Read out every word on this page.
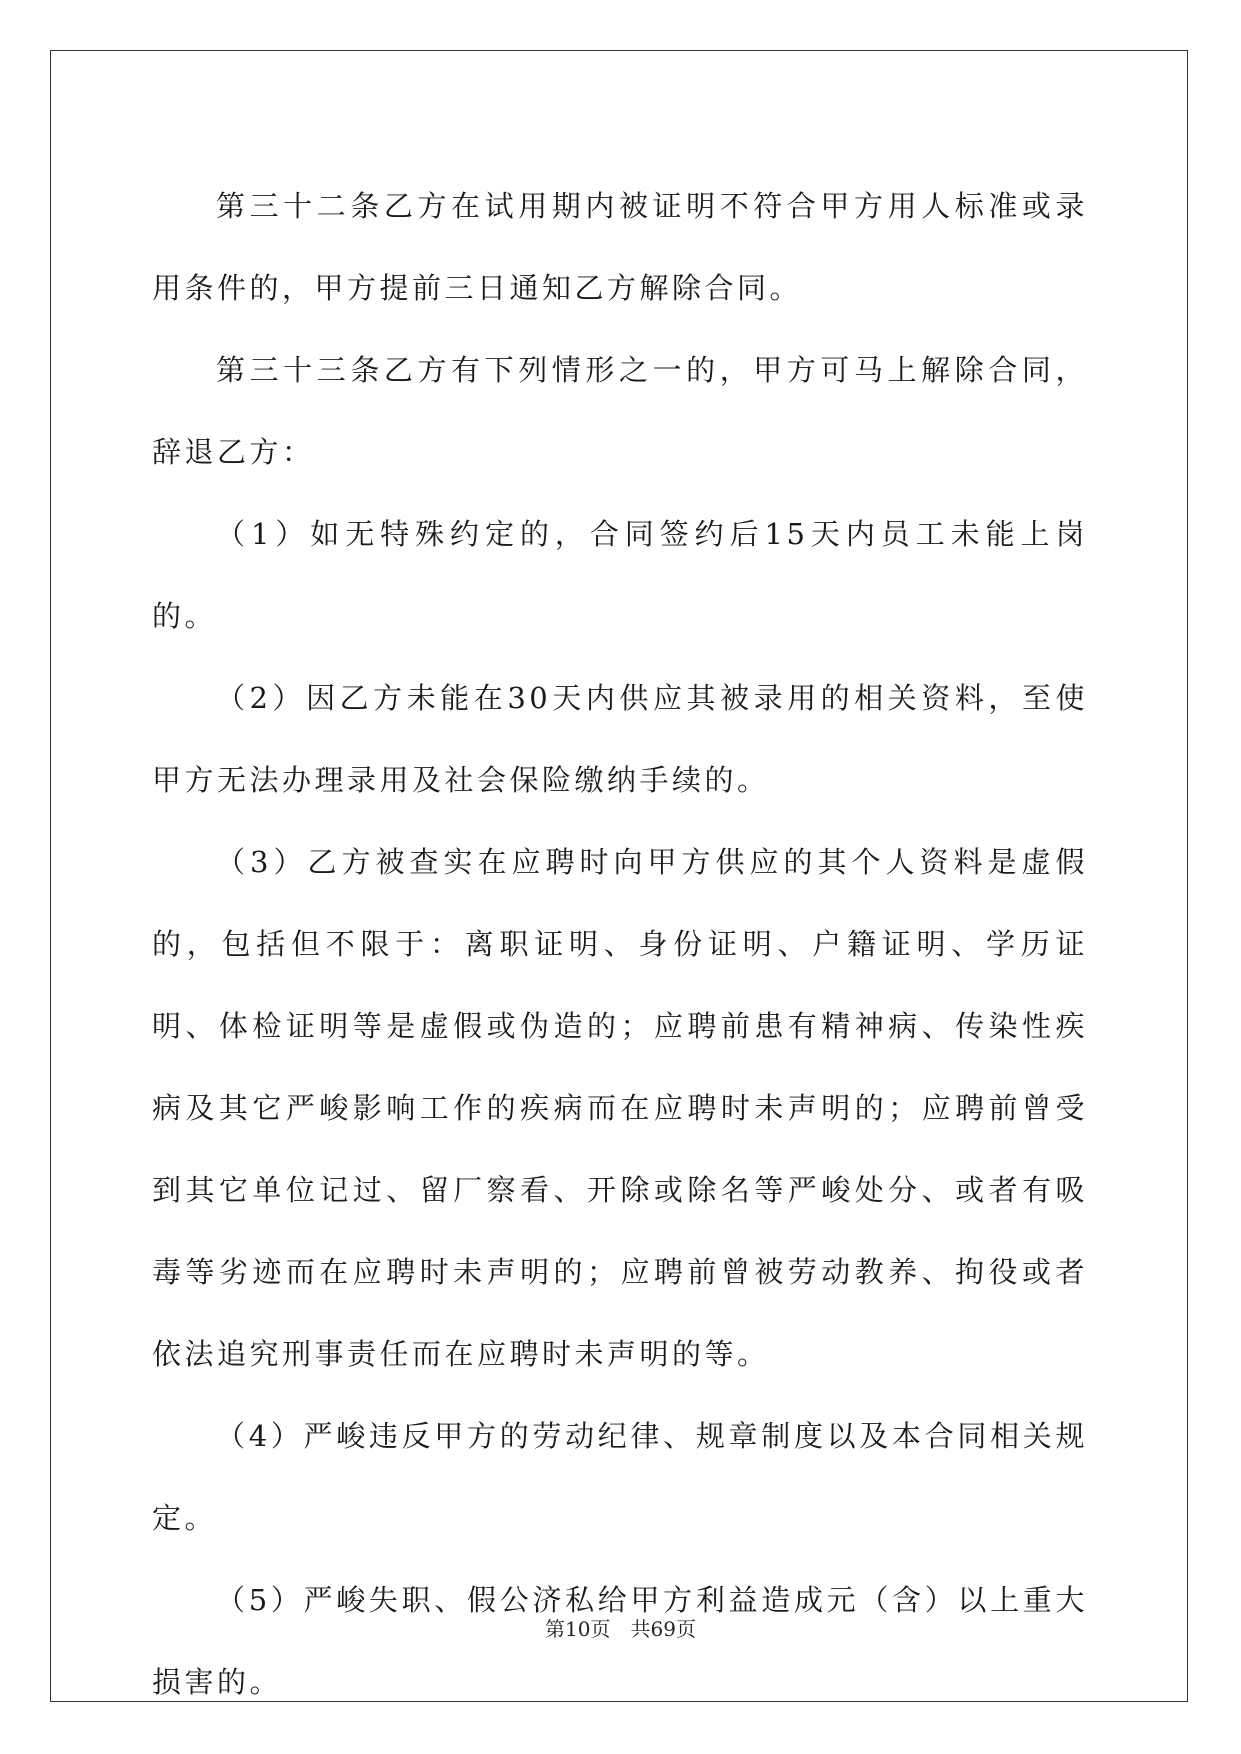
第三十二条乙方在试用期内被证明不符合甲方用人标准或录用条件的，甲方提前三日通知乙方解除合同。

第三十三条乙方有下列情形之一的，甲方可马上解除合同，辞退乙方：

（1）如无特殊约定的，合同签约后15天内员工未能上岗的。

（2）因乙方未能在30天内供应其被录用的相关资料，至使甲方无法办理录用及社会保险缴纳手续的。

（3）乙方被查实在应聘时向甲方供应的其个人资料是虚假的，包括但不限于：离职证明、身份证明、户籍证明、学历证明、体检证明等是虚假或伪造的；应聘前患有精神病、传染性疾病及其它严峻影响工作的疾病而在应聘时未声明的；应聘前曾受到其它单位记过、留厂察看、开除或除名等严峻处分、或者有吸毒等劣迹而在应聘时未声明的；应聘前曾被劳动教养、拘役或者依法追究刑事责任而在应聘时未声明的等。

（4）严峻违反甲方的劳动纪律、规章制度以及本合同相关规定。

（5）严峻失职、假公济私给甲方利益造成元（含）以上重大损害的。

第10页　共69页
